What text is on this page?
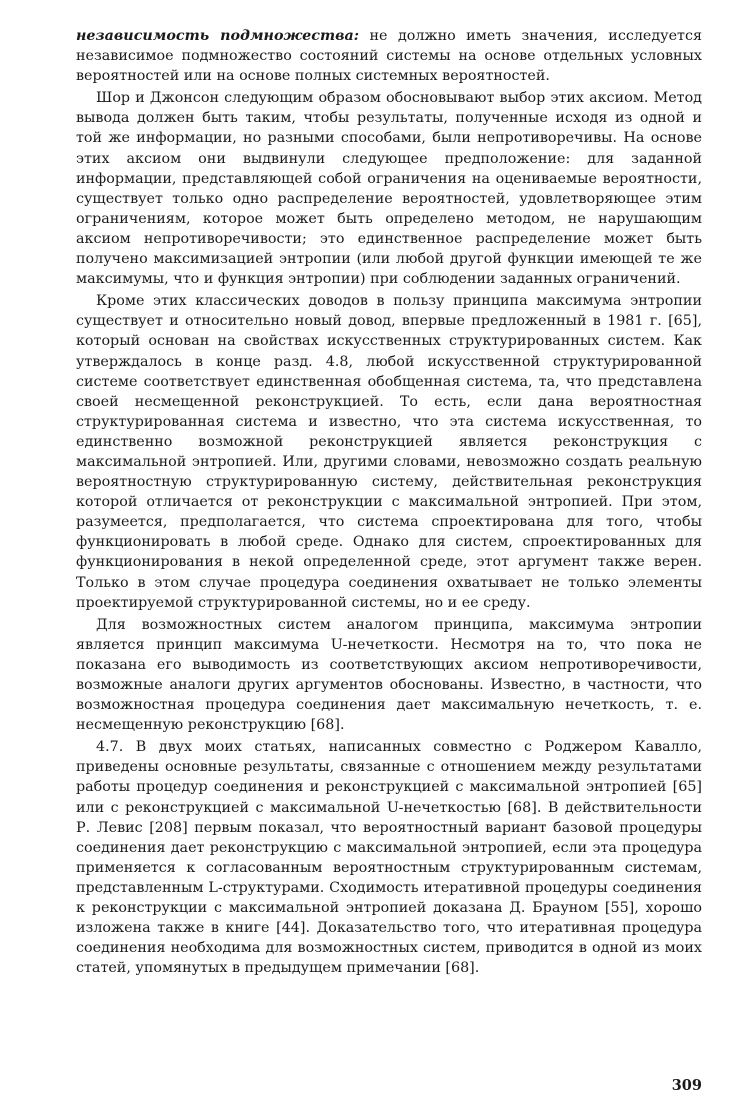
независимость подмножества: не должно иметь значения, исследуется независимое подмножество состояний системы на основе отдельных условных вероятностей или на основе полных системных вероятностей.

Шор и Джонсон следующим образом обосновывают выбор этих аксиом. Метод вывода должен быть таким, чтобы результаты, полученные исходя из одной и той же информации, но разными способами, были непротиворечивы. На основе этих аксиом они выдвинули следующее предположение: для заданной информации, представляющей собой ограничения на оцениваемые вероятности, существует только одно распределение вероятностей, удовлетворяющее этим ограничениям, которое может быть определено методом, не нарушающим аксиом непротиворечивости; это единственное распределение может быть получено максимизацией энтропии (или любой другой функции имеющей те же максимумы, что и функция энтропии) при соблюдении заданных ограничений.

Кроме этих классических доводов в пользу принципа максимума энтропии существует и относительно новый довод, впервые предложенный в 1981 г. [65], который основан на свойствах искусственных структурированных систем. Как утверждалось в конце разд. 4.8, любой искусственной структурированной системе соответствует единственная обобщенная система, та, что представлена своей несмещенной реконструкцией. То есть, если дана вероятностная структурированная система и известно, что эта система искусственная, то единственно возможной реконструкцией является реконструкция с максимальной энтропией. Или, другими словами, невозможно создать реальную вероятностную структурированную систему, действительная реконструкция которой отличается от реконструкции с максимальной энтропией. При этом, разумеется, предполагается, что система спроектирована для того, чтобы функционировать в любой среде. Однако для систем, спроектированных для функционирования в некой определенной среде, этот аргумент также верен. Только в этом случае процедура соединения охватывает не только элементы проектируемой структурированной системы, но и ее среду.

Для возможностных систем аналогом принципа, максимума энтропии является принцип максимума U-нечеткости. Несмотря на то, что пока не показана его выводимость из соответствующих аксиом непротиворечивости, возможные аналоги других аргументов обоснованы. Известно, в частности, что возможностная процедура соединения дает максимальную нечеткость, т. е. несмещенную реконструкцию [68].

4.7. В двух моих статьях, написанных совместно с Роджером Кавалло, приведены основные результаты, связанные с отношением между результатами работы процедур соединения и реконструкцией с максимальной энтропией [65] или с реконструкцией с максимальной U-нечеткостью [68]. В действительности Р. Левис [208] первым показал, что вероятностный вариант базовой процедуры соединения дает реконструкцию с максимальной энтропией, если эта процедура применяется к согласованным вероятностным структурированным системам, представленным L-структурами. Сходимость итеративной процедуры соединения к реконструкции с максимальной энтропией доказана Д. Брауном [55], хорошо изложена также в книге [44]. Доказательство того, что итеративная процедура соединения необходима для возможностных систем, приводится в одной из моих статей, упомянутых в предыдущем примечании [68].

309
